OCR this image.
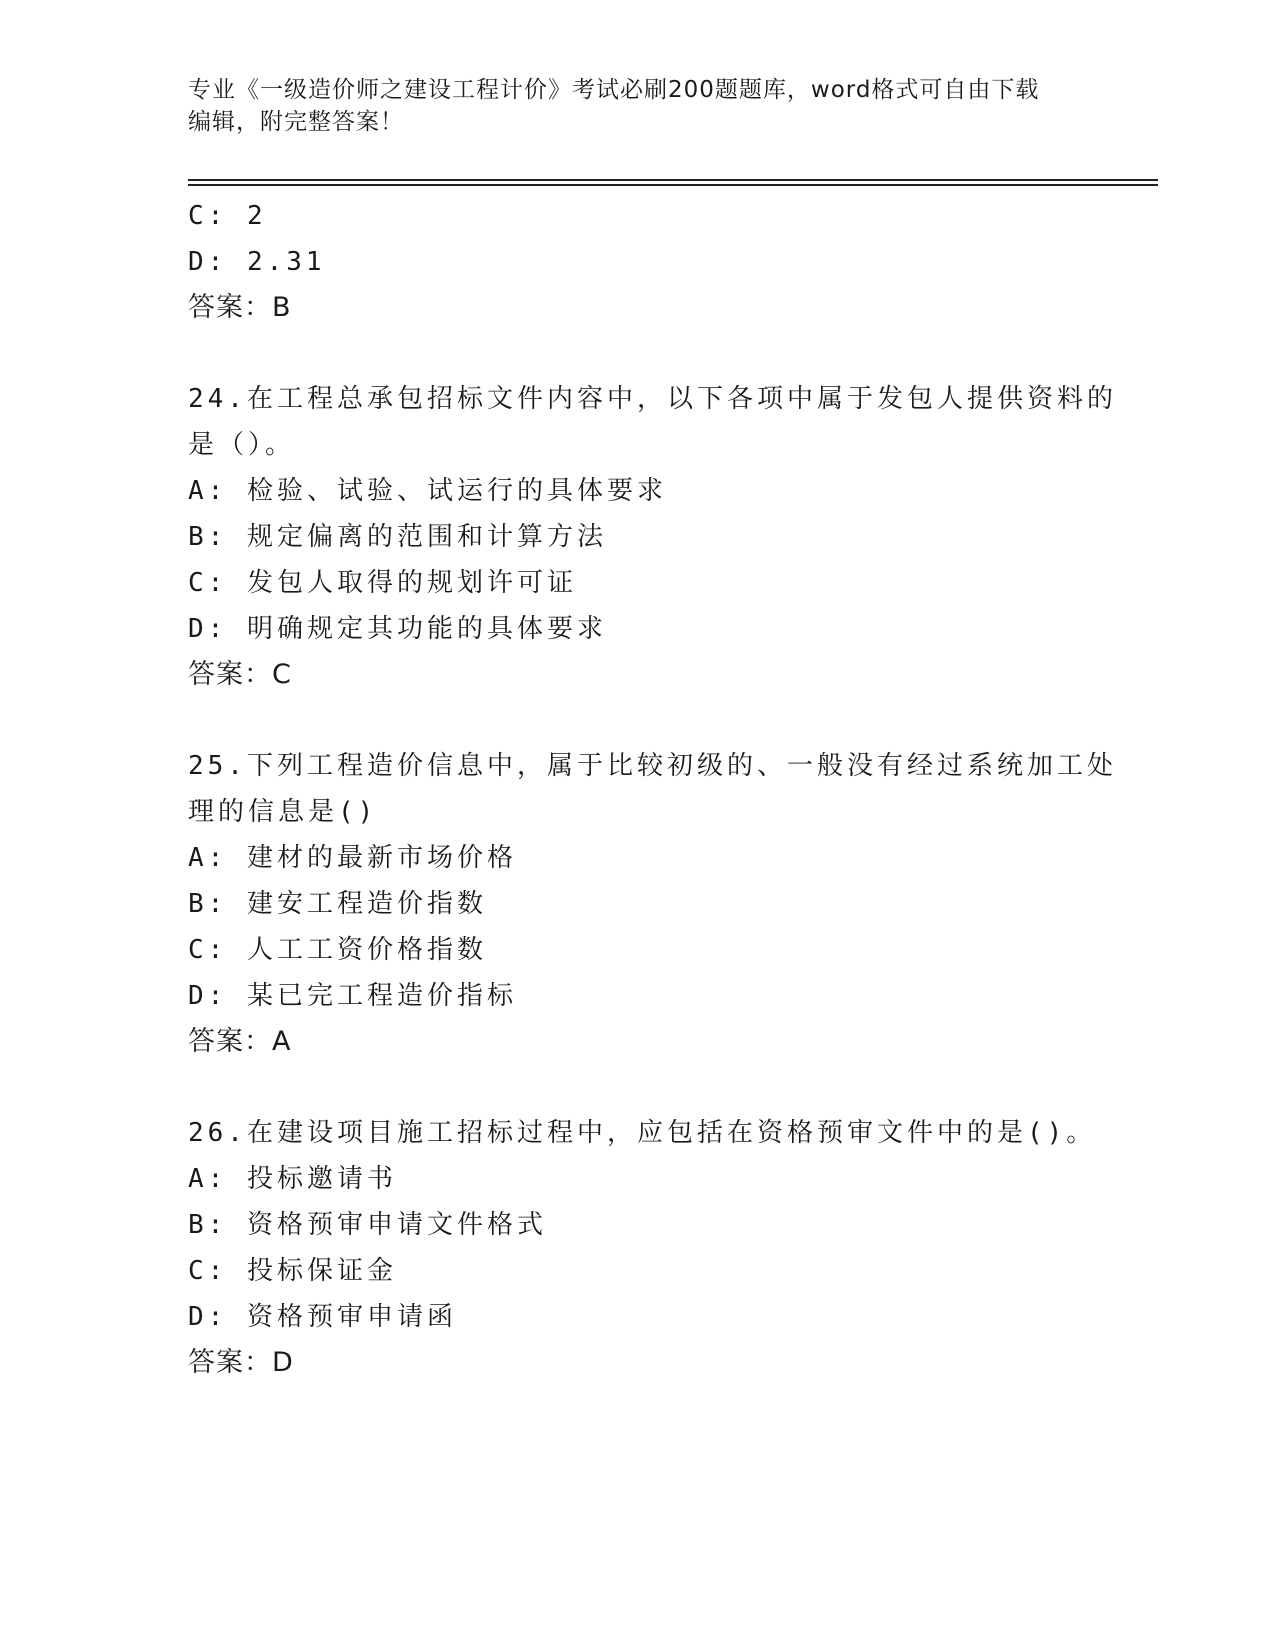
专业《一级造价师之建设工程计价》考试必刷200题题库，word格式可自由下载
编辑，附完整答案！
C: 2
D: 2.31
答案：B
24.在工程总承包招标文件内容中，以下各项中属于发包人提供资料的
是（）。
A: 检验、试验、试运行的具体要求
B: 规定偏离的范围和计算方法
C: 发包人取得的规划许可证
D: 明确规定其功能的具体要求
答案：C
25.下列工程造价信息中，属于比较初级的、一般没有经过系统加工处
理的信息是()
A: 建材的最新市场价格
B: 建安工程造价指数
C: 人工工资价格指数
D: 某已完工程造价指标
答案：A
26.在建设项目施工招标过程中，应包括在资格预审文件中的是()。
A: 投标邀请书
B: 资格预审申请文件格式
C: 投标保证金
D: 资格预审申请函
答案：D
